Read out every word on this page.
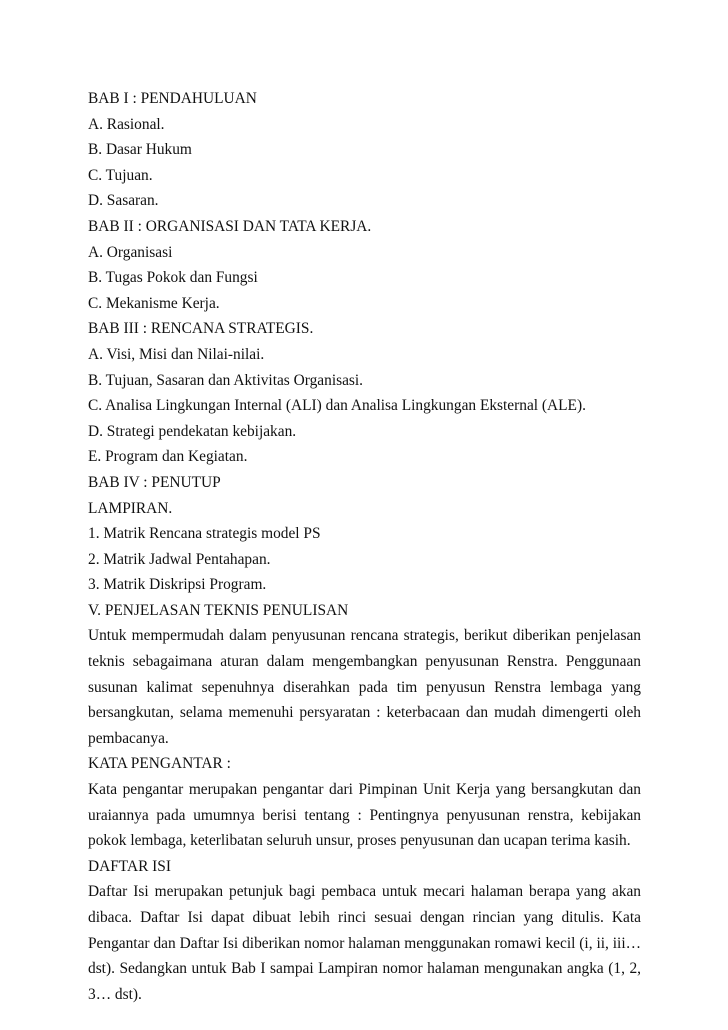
BAB I : PENDAHULUAN
A. Rasional.
B. Dasar Hukum
C. Tujuan.
D. Sasaran.
BAB II : ORGANISASI DAN TATA KERJA.
A. Organisasi
B. Tugas Pokok dan Fungsi
C. Mekanisme Kerja.
BAB III : RENCANA STRATEGIS.
A. Visi, Misi dan Nilai-nilai.
B. Tujuan, Sasaran dan Aktivitas Organisasi.
C. Analisa Lingkungan Internal (ALI) dan Analisa Lingkungan Eksternal (ALE).
D. Strategi pendekatan kebijakan.
E. Program dan Kegiatan.
BAB IV : PENUTUP
LAMPIRAN.
1. Matrik Rencana strategis model PS
2. Matrik Jadwal Pentahapan.
3. Matrik Diskripsi Program.
V. PENJELASAN TEKNIS PENULISAN
Untuk mempermudah dalam penyusunan rencana strategis, berikut diberikan penjelasan teknis sebagaimana aturan dalam mengembangkan penyusunan Renstra. Penggunaan susunan kalimat sepenuhnya diserahkan pada tim penyusun Renstra lembaga yang bersangkutan, selama memenuhi persyaratan : keterbacaan dan mudah dimengerti oleh pembacanya.
KATA PENGANTAR :
Kata pengantar merupakan pengantar dari Pimpinan Unit Kerja yang bersangkutan dan uraiannya pada umumnya berisi tentang : Pentingnya penyusunan renstra, kebijakan pokok lembaga, keterlibatan seluruh unsur, proses penyusunan dan ucapan terima kasih.
DAFTAR ISI
Daftar Isi merupakan petunjuk bagi pembaca untuk mecari halaman berapa yang akan dibaca. Daftar Isi dapat dibuat lebih rinci sesuai dengan rincian yang ditulis. Kata Pengantar dan Daftar Isi diberikan nomor halaman menggunakan romawi kecil (i, ii, iii… dst). Sedangkan untuk Bab I sampai Lampiran nomor halaman mengunakan angka (1, 2, 3… dst).
